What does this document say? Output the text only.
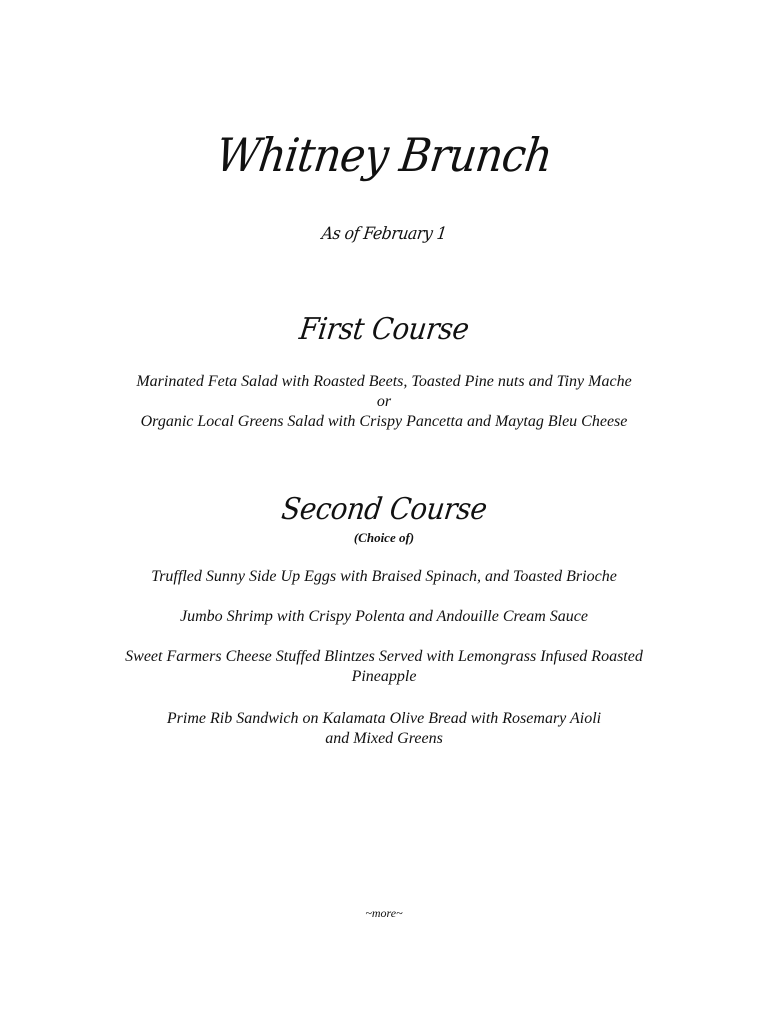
Whitney Brunch
As of February 1
First Course
Marinated Feta Salad with Roasted Beets, Toasted Pine nuts and Tiny Mache
or
Organic Local Greens Salad with Crispy Pancetta and Maytag Bleu Cheese
Second Course
(Choice of)
Truffled Sunny Side Up Eggs with Braised Spinach, and Toasted Brioche
Jumbo Shrimp with Crispy Polenta and Andouille Cream Sauce
Sweet Farmers Cheese Stuffed Blintzes Served with Lemongrass Infused Roasted
Pineapple
Prime Rib Sandwich on Kalamata Olive Bread with Rosemary Aioli
and Mixed Greens
~more~
